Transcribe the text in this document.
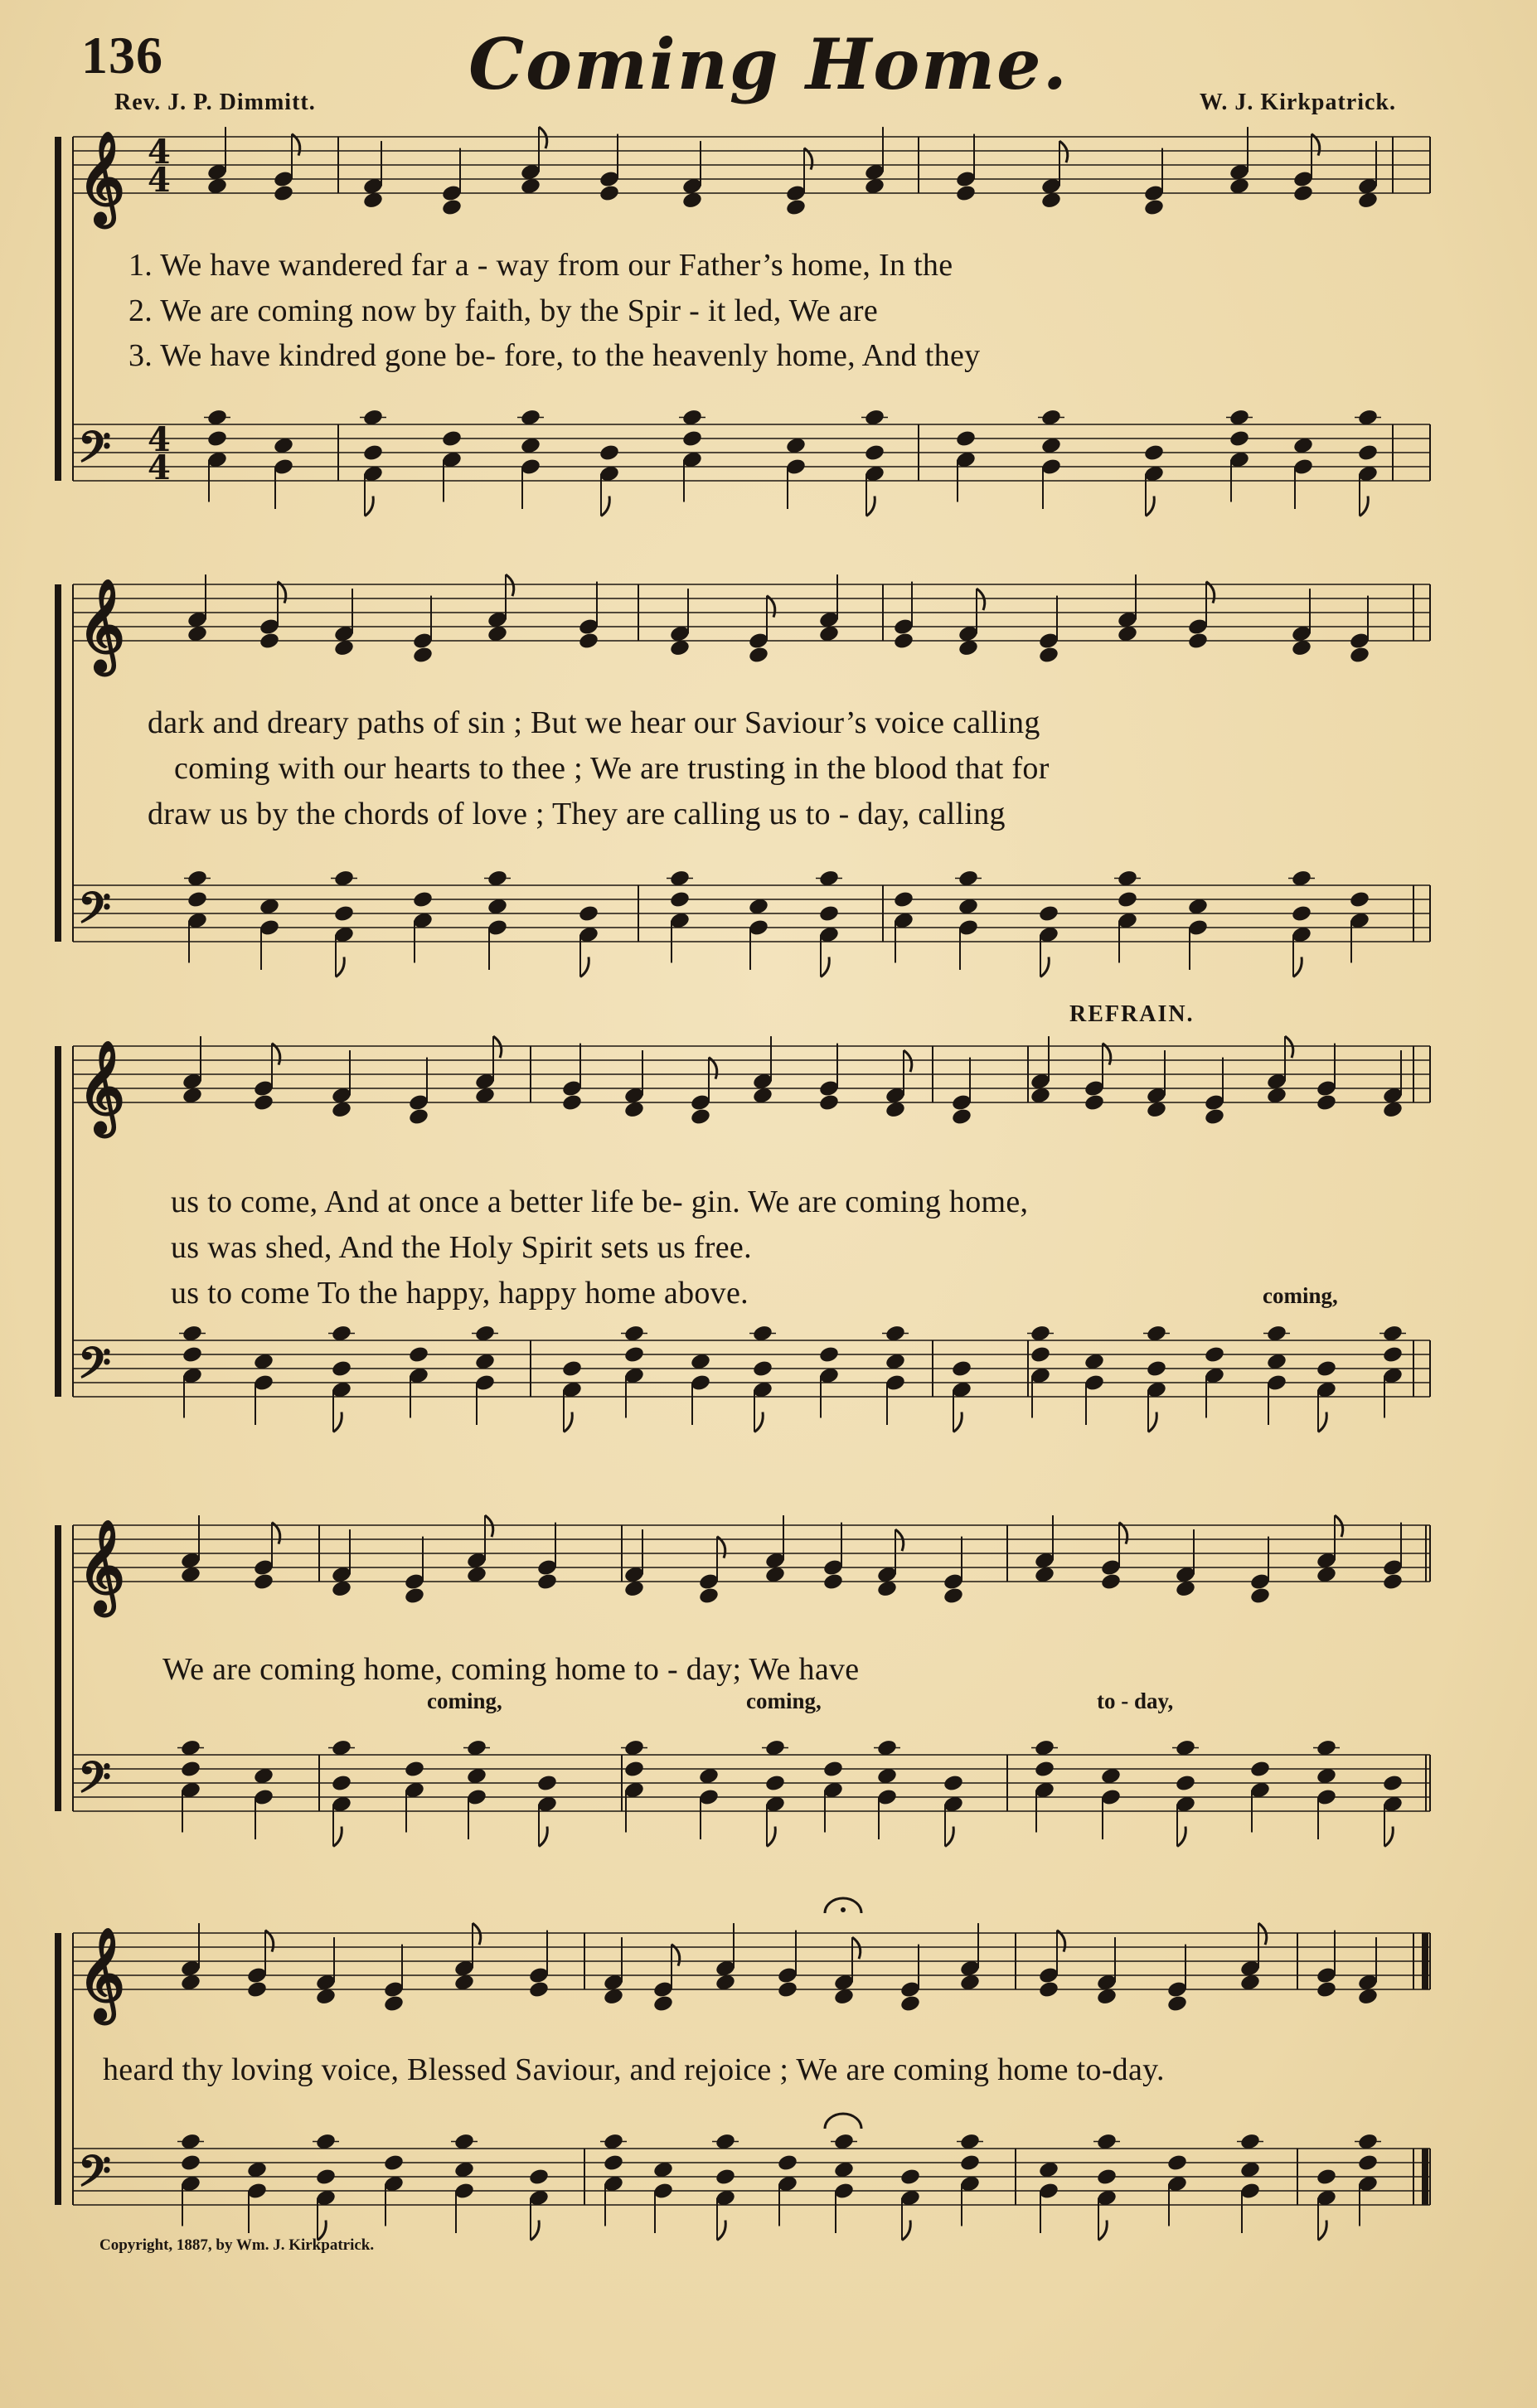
136	Coming Home.
Rev. J. P. Dimmitt.	W. J. Kirkpatrick.
𝄞
𝄢
4
4
4
4
𝄞
𝄢
𝄞
𝄢
𝄞
𝄢
𝄞
𝄢
1. We have wandered far a - way from our Father’s home, In the
2. We are coming now by faith, by the Spir - it led, We are
3. We have kindred gone be- fore, to the heavenly home, And they
dark and dreary paths of sin ; But we hear our Saviour’s voice calling
coming with our hearts to thee ; We are trusting in the blood that for
draw us by the chords of love ; They are calling us to - day, calling
REFRAIN.
us to come, And at once a better life be- gin. We are coming home,
us was shed, And the Holy Spirit sets us free.
us to come To the happy, happy home above.	coming,
We are coming home, coming home to - day; We have
coming,	coming,	to - day,
heard thy loving voice, Blessed Saviour, and rejoice ; We are coming home to-day.
Copyright, 1887, by Wm. J. Kirkpatrick.
